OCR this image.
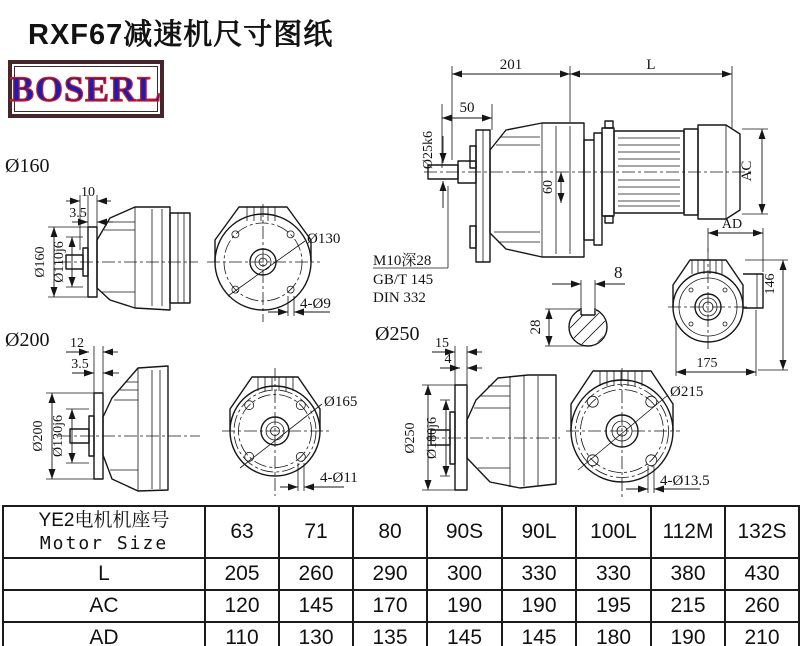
RXF67减速机尺寸图纸
BOSERL
Ø160
Ø200	Ø250
201	L
50
Ø25k6
60
AC
M10深28
GB/T 145
DIN 332
10
3.5
Ø160 Ø110j6
Ø130
4-Ø9
8
28
AD
146
175
12
3.5
Ø200 Ø130j6
Ø165
4-Ø11
15
4
Ø250 Ø180j6
Ø215
4-Ø13.5
YE2电机机座号
Motor Size	63	71	80	90S	90L	100L	112M	132S
L	205	260	290	300	330	330	380	430
AC	120	145	170	190	190	195	215	260
AD	110	130	135	145	145	180	190	210
